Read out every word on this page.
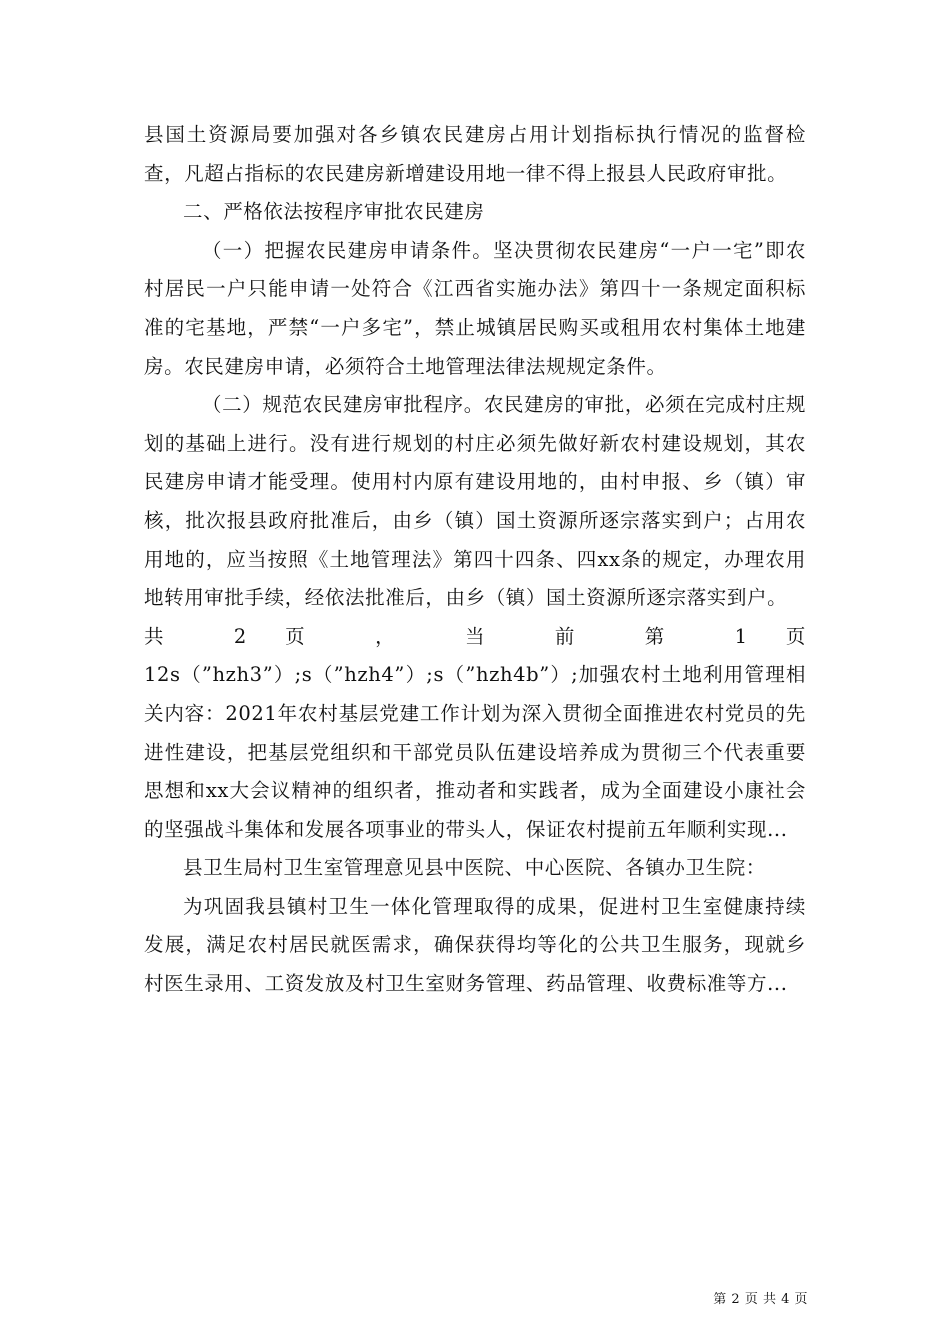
县国土资源局要加强对各乡镇农民建房占用计划指标执行情况的监督检查，凡超占指标的农民建房新增建设用地一律不得上报县人民政府审批。

二、严格依法按程序审批农民建房

（一）把握农民建房申请条件。坚决贯彻农民建房“一户一宅”即农村居民一户只能申请一处符合《江西省实施办法》第四十一条规定面积标准的宅基地，严禁“一户多宅”，禁止城镇居民购买或租用农村集体土地建房。农民建房申请，必须符合土地管理法律法规规定条件。

（二）规范农民建房审批程序。农民建房的审批，必须在完成村庄规划的基础上进行。没有进行规划的村庄必须先做好新农村建设规划，其农民建房申请才能受理。使用村内原有建设用地的，由村申报、乡（镇）审核，批次报县政府批准后，由乡（镇）国土资源所逐宗落实到户；占用农用地的，应当按照《土地管理法》第四十四条、四xx条的规定，办理农用地转用审批手续，经依法批准后，由乡（镇）国土资源所逐宗落实到户。

共 2 页 ， 当 前 第 1 页

12s（”hzh3”）;s（”hzh4”）;s（”hzh4b”）;加强农村土地利用管理相关内容：2021年农村基层党建工作计划为深入贯彻全面推进农村党员的先进性建设，把基层党组织和干部党员队伍建设培养成为贯彻三个代表重要思想和xx大会议精神的组织者，推动者和实践者，成为全面建设小康社会的坚强战斗集体和发展各项事业的带头人，保证农村提前五年顺利实现...

县卫生局村卫生室管理意见县中医院、中心医院、各镇办卫生院：

为巩固我县镇村卫生一体化管理取得的成果，促进村卫生室健康持续发展，满足农村居民就医需求，确保获得均等化的公共卫生服务，现就乡村医生录用、工资发放及村卫生室财务管理、药品管理、收费标准等方...

第 2 页 共 4 页
